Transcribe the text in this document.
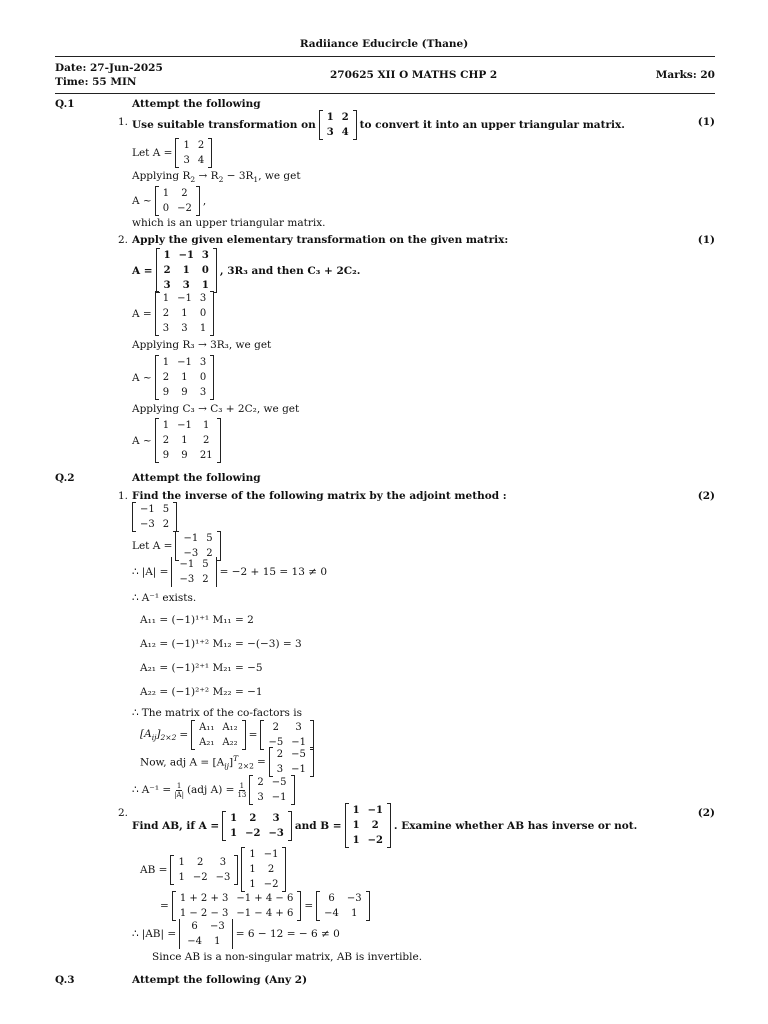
Radiiance Educircle (Thane)
Date: 27-Jun-2025
Time: 55 MIN
270625 XII O MATHS CHP 2	Marks: 20
Q.1	Attempt the following
1. Use suitable transformation on
1	2
3	4
to convert it into an upper triangular matrix.	(1)
Let A =
1	2
3	4
Applying $R_2 \to R_2 - 3R_1$, we get
A ~
1	2
0	−2
,
which is an upper triangular matrix.
2. Apply the given elementary transformation on the given matrix:	(1)
A =
1	−1	3
2	1	0
3	3	1
, 3R₃ and then C₃ + 2C₂.
A =
1	−1	3
2	1	0
3	3	1
Applying R₃ → 3R₃, we get
A ~
1	−1	3
2	1	0
9	9	3
Applying C₃ → C₃ + 2C₂, we get
A ~
1	−1	1
2	1	2
9	9	21
Q.2	Attempt the following
1. Find the inverse of the following matrix by the adjoint method :	(2)
−1	5
−3	2
Let A =
−1	5
−3	2
∴ |A| =
−1	5
−3	2
= −2 + 15 = 13 ≠ 0
∴ A⁻¹ exists.
A₁₁ = (−1)¹⁺¹ M₁₁ = 2
A₁₂ = (−1)¹⁺² M₁₂ = −(−3) = 3
A₂₁ = (−1)²⁺¹ M₂₁ = −5
A₂₂ = (−1)²⁺² M₂₂ = −1
∴ The matrix of the co-factors is
$[A_{ij}]_{2\times 2}$ =
A₁₁	A₁₂
A₂₁	A₂₂
=
2	3
−5	−1
Now, adj $A = [A_{ij}]^T_{2\times 2}$ =
2	−5
3	−1
∴ $A^{-1} = \frac{1}{|A|} (adj$ $A) = \frac{1}{13} 2$	−5
3	−1
2.	(2)
Find AB, if A =
1	2	3
1	−2	−3
and B =
1	−1
1	2
1	−2
. Examine whether AB has inverse or not.
AB =
1	2	3
1	−2	−3
1	−1
1	2
1	−2
=
1 + 2 + 3	−1 + 4 − 6
1 − 2 − 3	−1 − 4 + 6
=
6	−3
−4	1
∴ |AB| =
6	−3
−4	1
= 6 − 12 = − 6 ≠ 0
Since AB is a non-singular matrix, AB is invertible.
Q.3	Attempt the following (Any 2)
